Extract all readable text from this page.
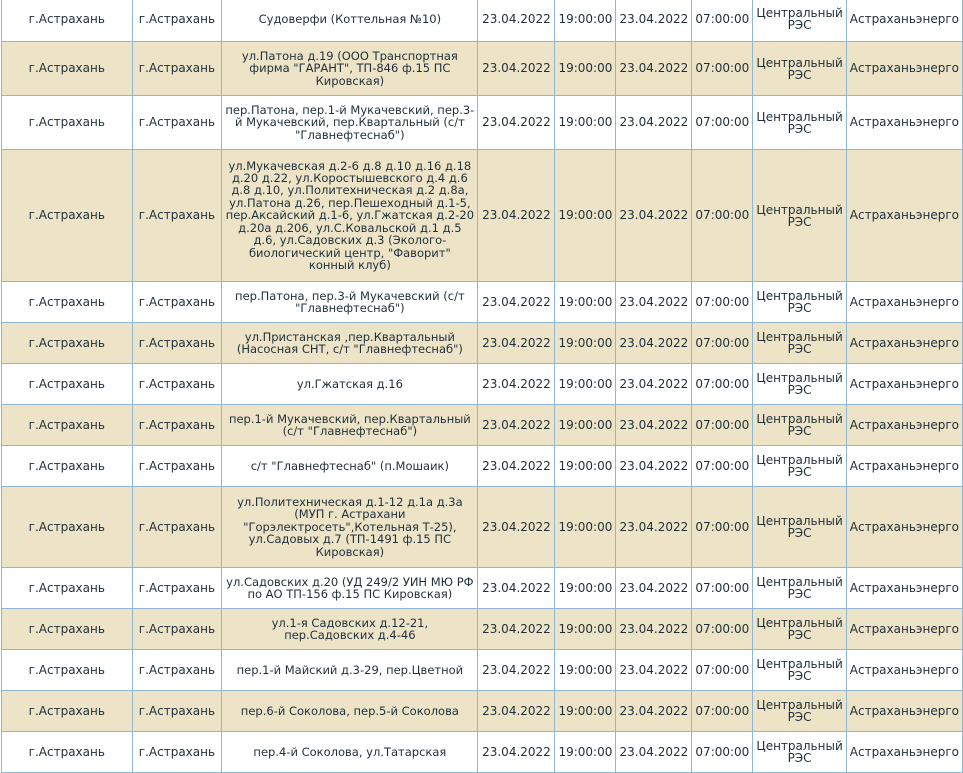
г.Астрахань	г.Астрахань	Судоверфи (Коттельная №10)	23.04.2022	19:00:00	23.04.2022	07:00:00	Центральный РЭС	Астраханьэнерго
г.Астрахань	г.Астрахань	ул.Патона д.19 (ООО Транспортная фирма "ГАРАНТ", ТП-846 ф.15 ПС Кировская)	23.04.2022	19:00:00	23.04.2022	07:00:00	Центральный РЭС	Астраханьэнерго
г.Астрахань	г.Астрахань	пер.Патона, пер.1-й Мукачевский, пер.3-й Мукачевский, пер.Квартальный (с/т "Главнефтеснаб")	23.04.2022	19:00:00	23.04.2022	07:00:00	Центральный РЭС	Астраханьэнерго
г.Астрахань	г.Астрахань	ул.Мукачевская д.2-6 д.8 д.10 д.16 д.18 д.20 д.22, ул.Коростышевского д.4 д.6 д.8 д.10, ул.Политехническая д.2 д.8а, ул.Патона д.26, пер.Пешеходный д.1-5, пер.Аксайский д.1-6, ул.Гжатская д.2-20 д.20а д.206, ул.С.Ковальской д.1 д.5 д.6, ул.Садовских д.3 (Эколого-биологический центр, "Фаворит" конный клуб)	23.04.2022	19:00:00	23.04.2022	07:00:00	Центральный РЭС	Астраханьэнерго
г.Астрахань	г.Астрахань	пер.Патона, пер.3-й Мукачевский (с/т "Главнефтеснаб")	23.04.2022	19:00:00	23.04.2022	07:00:00	Центральный РЭС	Астраханьэнерго
г.Астрахань	г.Астрахань	ул.Пристанская ,пер.Квартальный (Насосная СНТ, с/т "Главнефтеснаб")	23.04.2022	19:00:00	23.04.2022	07:00:00	Центральный РЭС	Астраханьэнерго
г.Астрахань	г.Астрахань	ул.Гжатская д.16	23.04.2022	19:00:00	23.04.2022	07:00:00	Центральный РЭС	Астраханьэнерго
г.Астрахань	г.Астрахань	пер.1-й Мукачевский, пер.Квартальный (с/т "Главнефтеснаб")	23.04.2022	19:00:00	23.04.2022	07:00:00	Центральный РЭС	Астраханьэнерго
г.Астрахань	г.Астрахань	с/т "Главнефтеснаб" (п.Мошаик)	23.04.2022	19:00:00	23.04.2022	07:00:00	Центральный РЭС	Астраханьэнерго
г.Астрахань	г.Астрахань	ул.Политехническая д.1-12 д.1а д.3а (МУП г. Астрахани "Горэлектросеть",Котельная Т-25), ул.Садовых д.7 (ТП-1491 ф.15 ПС Кировская)	23.04.2022	19:00:00	23.04.2022	07:00:00	Центральный РЭС	Астраханьэнерго
г.Астрахань	г.Астрахань	ул.Садовских д.20 (УД 249/2 УИН МЮ РФ по АО ТП-156 ф.15 ПС Кировская)	23.04.2022	19:00:00	23.04.2022	07:00:00	Центральный РЭС	Астраханьэнерго
г.Астрахань	г.Астрахань	ул.1-я Садовских д.12-21, пер.Садовских д.4-46	23.04.2022	19:00:00	23.04.2022	07:00:00	Центральный РЭС	Астраханьэнерго
г.Астрахань	г.Астрахань	пер.1-й Майский д.3-29, пер.Цветной	23.04.2022	19:00:00	23.04.2022	07:00:00	Центральный РЭС	Астраханьэнерго
г.Астрахань	г.Астрахань	пер.6-й Соколова, пер.5-й Соколова	23.04.2022	19:00:00	23.04.2022	07:00:00	Центральный РЭС	Астраханьэнерго
г.Астрахань	г.Астрахань	пер.4-й Соколова, ул.Татарская	23.04.2022	19:00:00	23.04.2022	07:00:00	Центральный РЭС	Астраханьэнерго
